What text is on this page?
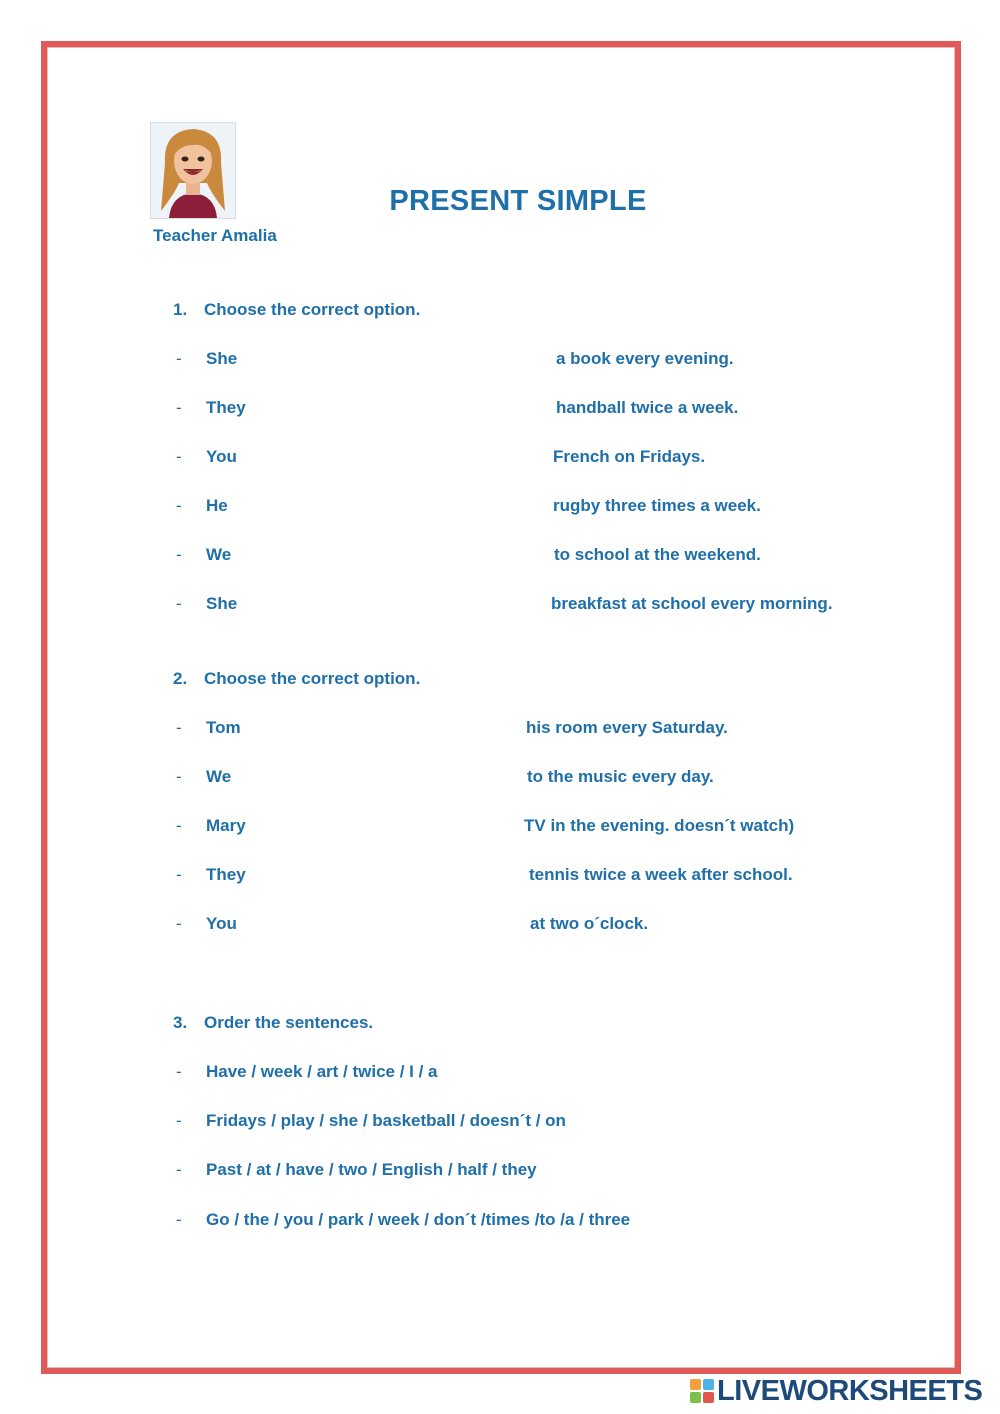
Teacher Amalia
PRESENT SIMPLE
1. Choose the correct option.
- She	a book every evening.
- They	handball twice a week.
- You	French on Fridays.
- He	rugby three times a week.
- We	to school at the weekend.
- She	breakfast at school every morning.
2. Choose the correct option.
- Tom	his room every Saturday.
- We	to the music every day.
- Mary	TV in the evening. doesn´t watch)
- They	tennis twice a week after school.
- You	at two o´clock.
3. Order the sentences.
- Have / week / art / twice / I / a
- Fridays / play / she / basketball / doesn´t / on
- Past / at / have / two / English / half / they
- Go / the / you / park / week / don´t /times /to /a / three
LIVEWORKSHEETS
